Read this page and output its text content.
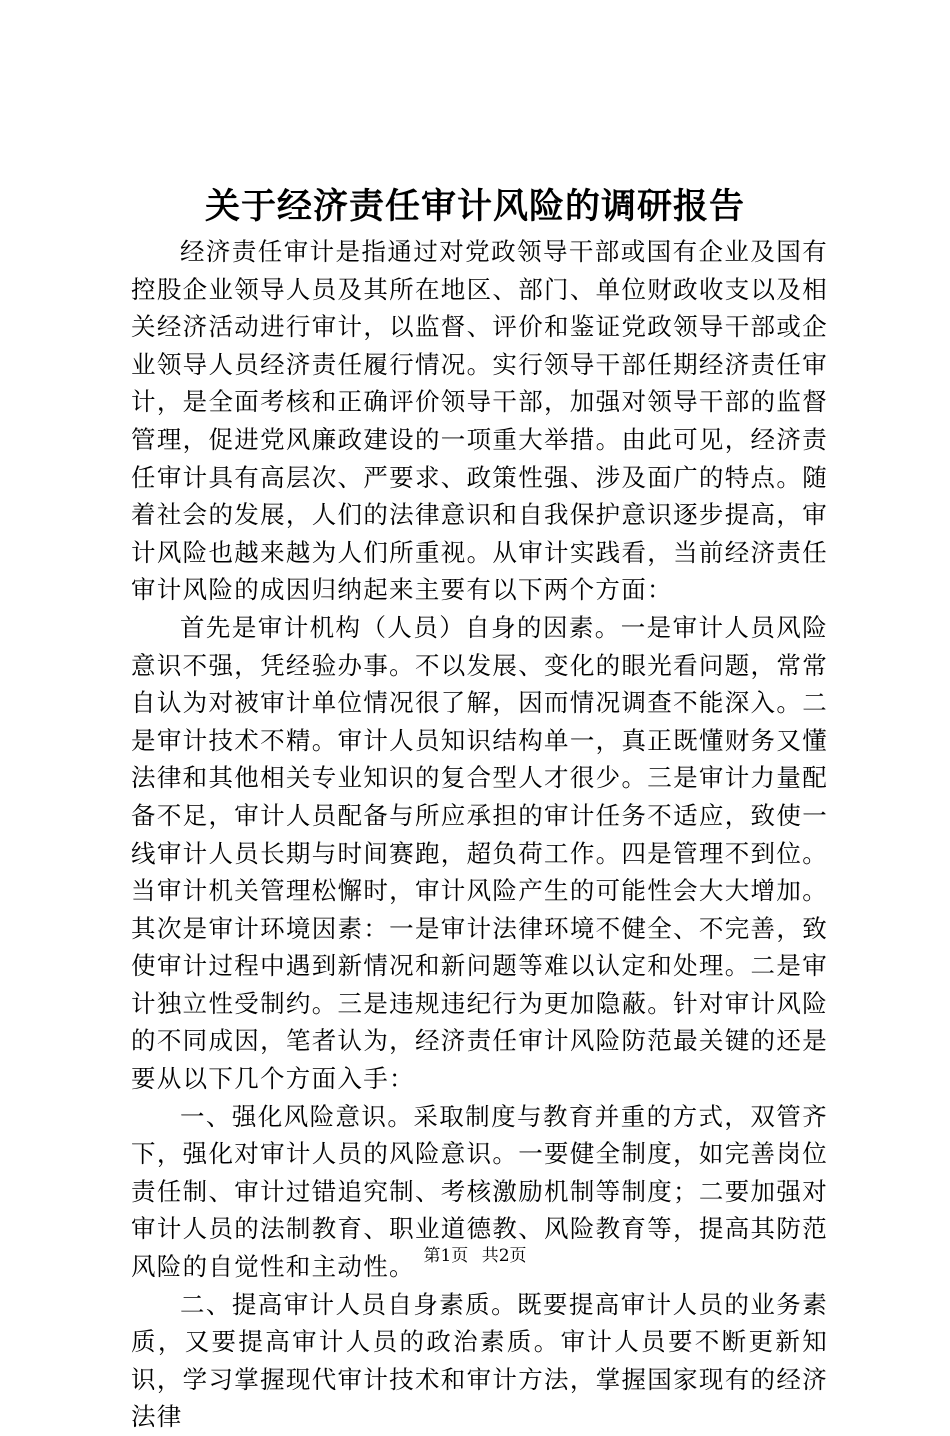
关于经济责任审计风险的调研报告

经济责任审计是指通过对党政领导干部或国有企业及国有控股企业领导人员及其所在地区、部门、单位财政收支以及相关经济活动进行审计，以监督、评价和鉴证党政领导干部或企业领导人员经济责任履行情况。实行领导干部任期经济责任审计，是全面考核和正确评价领导干部，加强对领导干部的监督管理，促进党风廉政建设的一项重大举措。由此可见，经济责任审计具有高层次、严要求、政策性强、涉及面广的特点。随着社会的发展，人们的法律意识和自我保护意识逐步提高，审计风险也越来越为人们所重视。从审计实践看，当前经济责任审计风险的成因归纳起来主要有以下两个方面：

首先是审计机构（人员）自身的因素。一是审计人员风险意识不强，凭经验办事。不以发展、变化的眼光看问题，常常自认为对被审计单位情况很了解，因而情况调查不能深入。二是审计技术不精。审计人员知识结构单一，真正既懂财务又懂法律和其他相关专业知识的复合型人才很少。三是审计力量配备不足，审计人员配备与所应承担的审计任务不适应，致使一线审计人员长期与时间赛跑，超负荷工作。四是管理不到位。当审计机关管理松懈时，审计风险产生的可能性会大大增加。其次是审计环境因素：一是审计法律环境不健全、不完善，致使审计过程中遇到新情况和新问题等难以认定和处理。二是审计独立性受制约。三是违规违纪行为更加隐蔽。针对审计风险的不同成因，笔者认为，经济责任审计风险防范最关键的还是要从以下几个方面入手：

一、强化风险意识。采取制度与教育并重的方式，双管齐下，强化对审计人员的风险意识。一要健全制度，如完善岗位责任制、审计过错追究制、考核激励机制等制度；二要加强对审计人员的法制教育、职业道德教、风险教育等，提高其防范风险的自觉性和主动性。

二、提高审计人员自身素质。既要提高审计人员的业务素质，又要提高审计人员的政治素质。审计人员要不断更新知识，学习掌握现代审计技术和审计方法，掌握国家现有的经济法律

第1页 共2页
